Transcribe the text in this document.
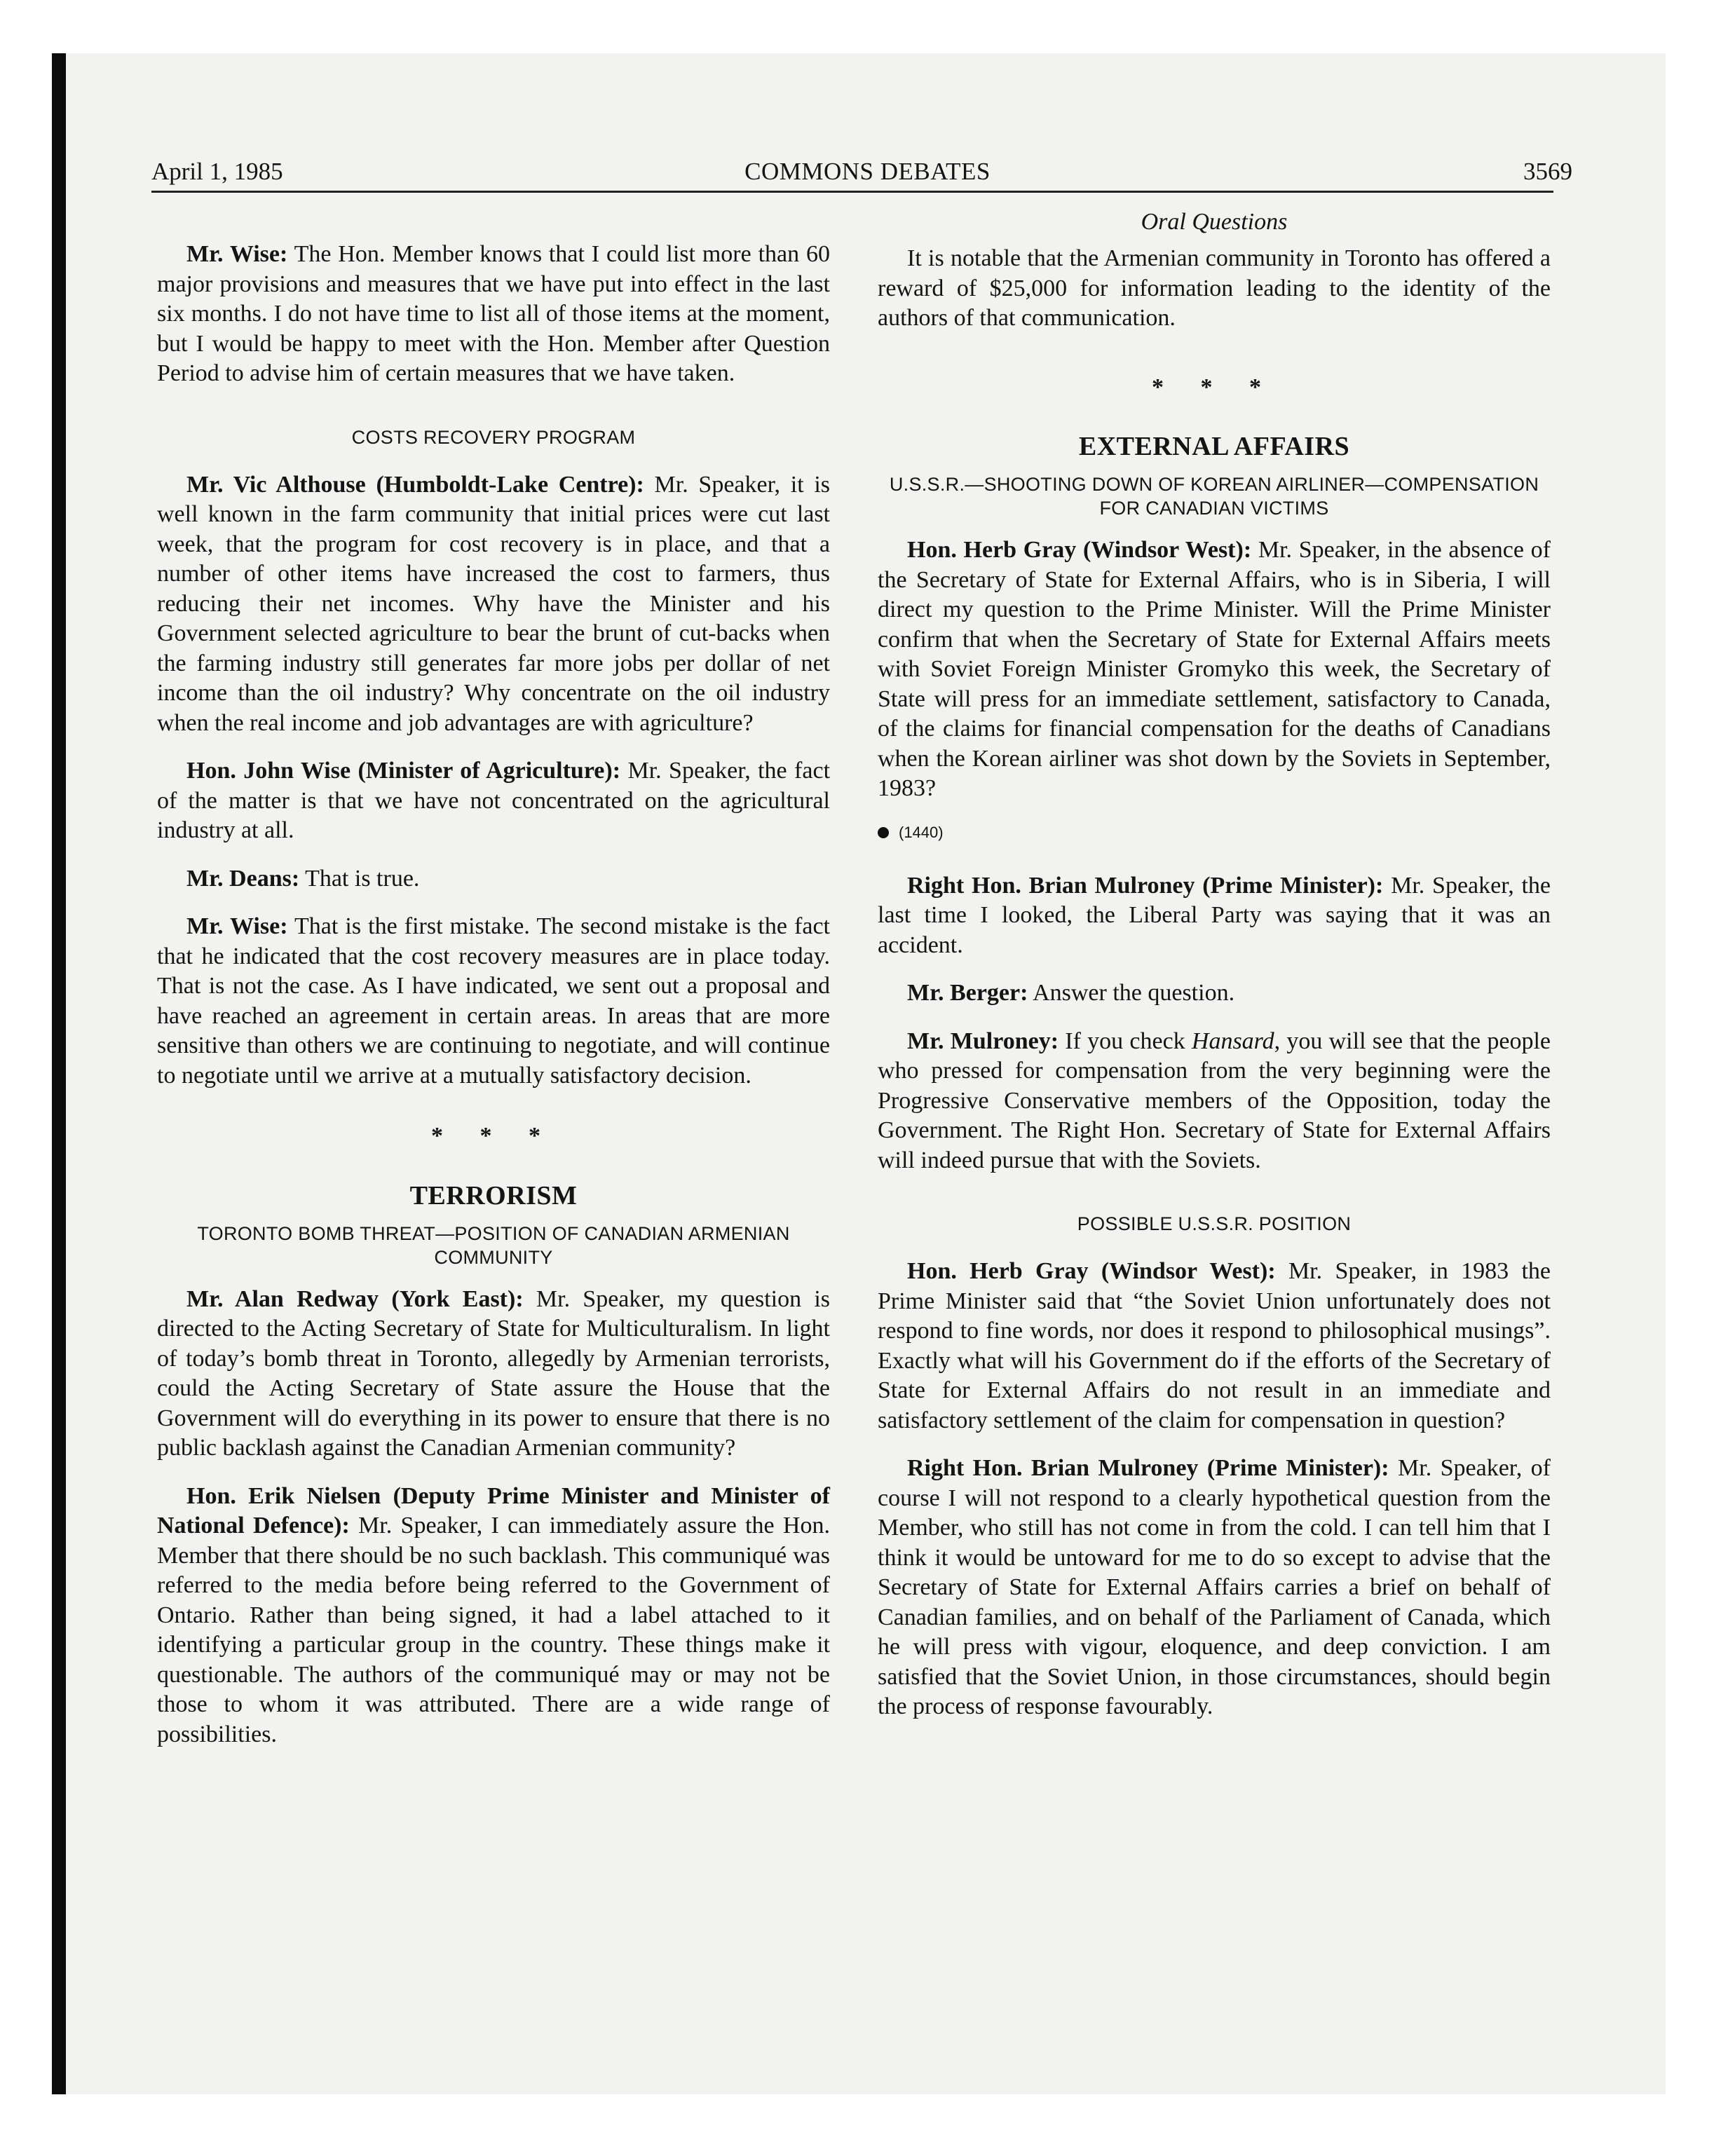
April 1, 1985	COMMONS DEBATES	3569

Mr. Wise: The Hon. Member knows that I could list more than 60 major provisions and measures that we have put into effect in the last six months. I do not have time to list all of those items at the moment, but I would be happy to meet with the Hon. Member after Question Period to advise him of certain measures that we have taken.

COSTS RECOVERY PROGRAM

Mr. Vic Althouse (Humboldt-Lake Centre): Mr. Speaker, it is well known in the farm community that initial prices were cut last week, that the program for cost recovery is in place, and that a number of other items have increased the cost to farmers, thus reducing their net incomes. Why have the Minister and his Government selected agriculture to bear the brunt of cut-backs when the farming industry still generates far more jobs per dollar of net income than the oil industry? Why concentrate on the oil industry when the real income and job advantages are with agriculture?

Hon. John Wise (Minister of Agriculture): Mr. Speaker, the fact of the matter is that we have not concentrated on the agricultural industry at all.

Mr. Deans: That is true.

Mr. Wise: That is the first mistake. The second mistake is the fact that he indicated that the cost recovery measures are in place today. That is not the case. As I have indicated, we sent out a proposal and have reached an agreement in certain areas. In areas that are more sensitive than others we are continuing to negotiate, and will continue to negotiate until we arrive at a mutually satisfactory decision.

* * *
TERRORISM
TORONTO BOMB THREAT—POSITION OF CANADIAN ARMENIAN COMMUNITY

Mr. Alan Redway (York East): Mr. Speaker, my question is directed to the Acting Secretary of State for Multiculturalism. In light of today’s bomb threat in Toronto, allegedly by Armenian terrorists, could the Acting Secretary of State assure the House that the Government will do everything in its power to ensure that there is no public backlash against the Canadian Armenian community?

Hon. Erik Nielsen (Deputy Prime Minister and Minister of National Defence): Mr. Speaker, I can immediately assure the Hon. Member that there should be no such backlash. This communiqué was referred to the media before being referred to the Government of Ontario. Rather than being signed, it had a label attached to it identifying a particular group in the country. These things make it questionable. The authors of the communiqué may or may not be those to whom it was attributed. There are a wide range of possibilities.

Oral Questions

It is notable that the Armenian community in Toronto has offered a reward of $25,000 for information leading to the identity of the authors of that communication.

* * *
EXTERNAL AFFAIRS
U.S.S.R.—SHOOTING DOWN OF KOREAN AIRLINER—COMPENSATION FOR CANADIAN VICTIMS

Hon. Herb Gray (Windsor West): Mr. Speaker, in the absence of the Secretary of State for External Affairs, who is in Siberia, I will direct my question to the Prime Minister. Will the Prime Minister confirm that when the Secretary of State for External Affairs meets with Soviet Foreign Minister Gromyko this week, the Secretary of State will press for an immediate settlement, satisfactory to Canada, of the claims for financial compensation for the deaths of Canadians when the Korean airliner was shot down by the Soviets in September, 1983?

(1440)

Right Hon. Brian Mulroney (Prime Minister): Mr. Speaker, the last time I looked, the Liberal Party was saying that it was an accident.

Mr. Berger: Answer the question.

Mr. Mulroney: If you check Hansard, you will see that the people who pressed for compensation from the very beginning were the Progressive Conservative members of the Opposition, today the Government. The Right Hon. Secretary of State for External Affairs will indeed pursue that with the Soviets.

POSSIBLE U.S.S.R. POSITION

Hon. Herb Gray (Windsor West): Mr. Speaker, in 1983 the Prime Minister said that “the Soviet Union unfortunately does not respond to fine words, nor does it respond to philosophical musings”. Exactly what will his Government do if the efforts of the Secretary of State for External Affairs do not result in an immediate and satisfactory settlement of the claim for compensation in question?

Right Hon. Brian Mulroney (Prime Minister): Mr. Speaker, of course I will not respond to a clearly hypothetical question from the Member, who still has not come in from the cold. I can tell him that I think it would be untoward for me to do so except to advise that the Secretary of State for External Affairs carries a brief on behalf of Canadian families, and on behalf of the Parliament of Canada, which he will press with vigour, eloquence, and deep conviction. I am satisfied that the Soviet Union, in those circumstances, should begin the process of response favourably.
